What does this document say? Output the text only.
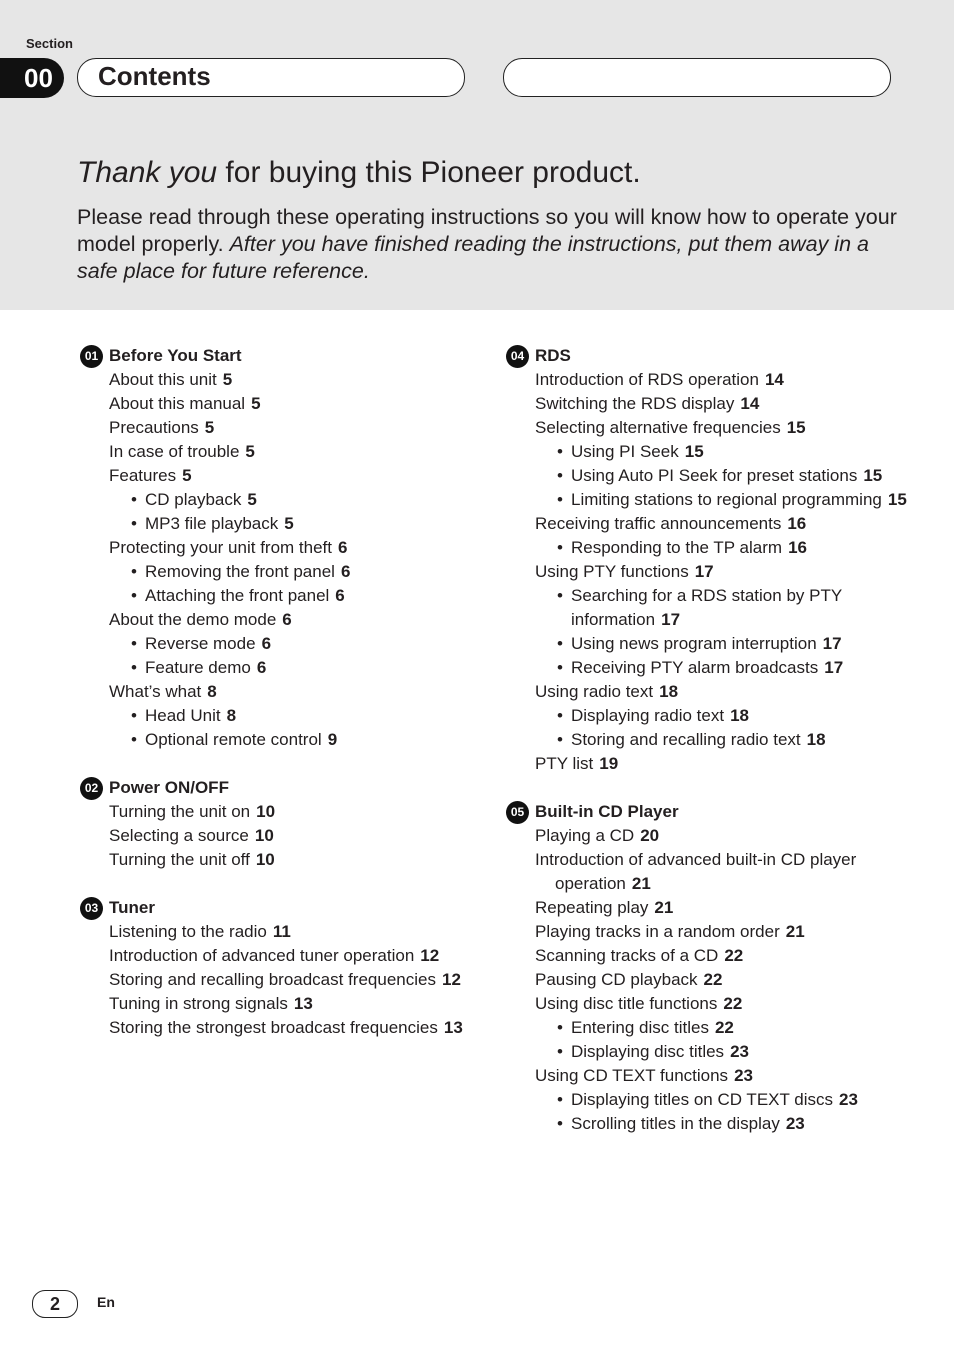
Section
00	Contents
Thank you for buying this Pioneer product.

Please read through these operating instructions so you will know how to operate your model properly. After you have finished reading the instructions, put them away in a safe place for future reference.

01 Before You Start
About this unit 5
About this manual 5
Precautions 5
In case of trouble 5
Features 5
• CD playback 5
• MP3 file playback 5
Protecting your unit from theft 6
• Removing the front panel 6
• Attaching the front panel 6
About the demo mode 6
• Reverse mode 6
• Feature demo 6
What’s what 8
• Head Unit 8
• Optional remote control 9
02 Power ON/OFF
Turning the unit on 10
Selecting a source 10
Turning the unit off 10
03 Tuner
Listening to the radio 11
Introduction of advanced tuner operation 12
Storing and recalling broadcast frequencies 12
Tuning in strong signals 13
Storing the strongest broadcast frequencies 13
04 RDS
Introduction of RDS operation 14
Switching the RDS display 14
Selecting alternative frequencies 15
• Using PI Seek 15
• Using Auto PI Seek for preset stations 15
• Limiting stations to regional programming 15
Receiving traffic announcements 16
• Responding to the TP alarm 16
Using PTY functions 17
• Searching for a RDS station by PTY information 17
• Using news program interruption 17
• Receiving PTY alarm broadcasts 17
Using radio text 18
• Displaying radio text 18
• Storing and recalling radio text 18
PTY list 19
05 Built-in CD Player
Playing a CD 20
Introduction of advanced built-in CD player operation 21
Repeating play 21
Playing tracks in a random order 21
Scanning tracks of a CD 22
Pausing CD playback 22
Using disc title functions 22
• Entering disc titles 22
• Displaying disc titles 23
Using CD TEXT functions 23
• Displaying titles on CD TEXT discs 23
• Scrolling titles in the display 23
2	En
